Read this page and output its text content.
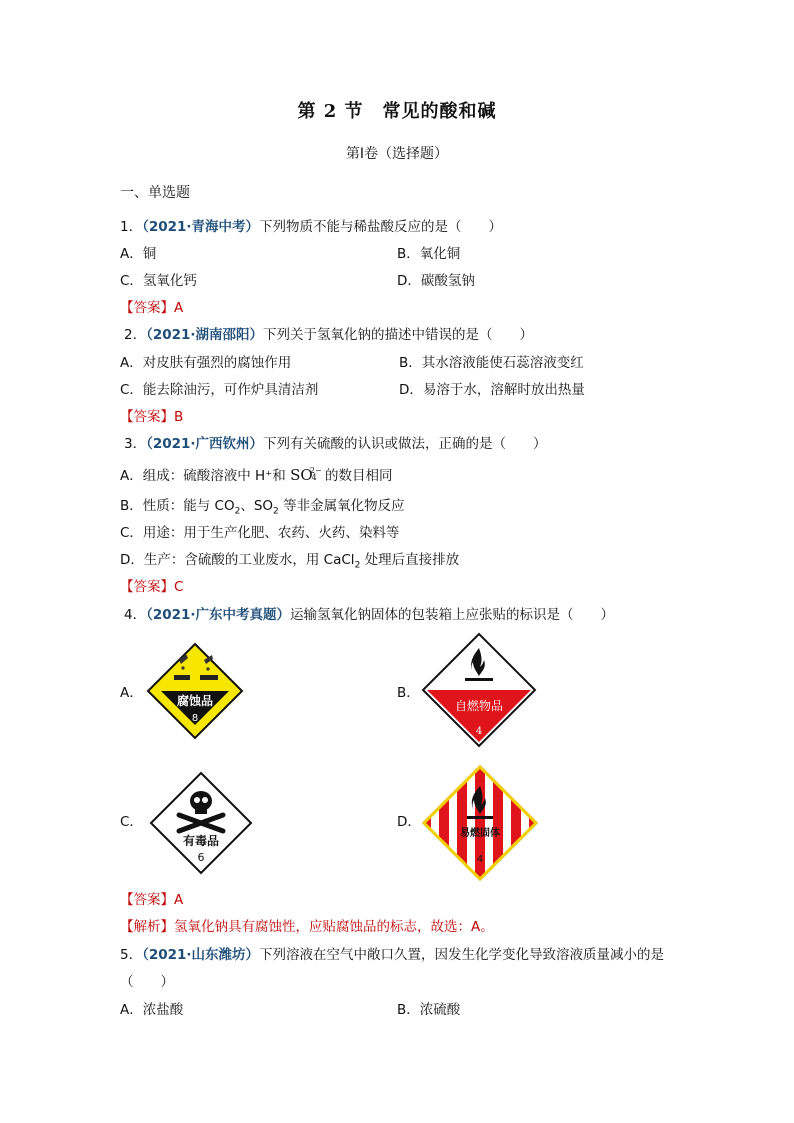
第 2 节　常见的酸和碱
第I卷（选择题）
一、单选题
1．（2021·青海中考）下列物质不能与稀盐酸反应的是（　　）
A．铜	B．氧化铜
C．氢氧化钙	D．碳酸氢钠
【答案】A
2．（2021·湖南邵阳）下列关于氢氧化钠的描述中错误的是（　　）
A．对皮肤有强烈的腐蚀作用	B．其水溶液能使石蕊溶液变红
C．能去除油污，可作炉具清洁剂	D．易溶于水，溶解时放出热量
【答案】B
3．（2021·广西钦州）下列有关硫酸的认识或做法，正确的是（　　）
A．组成：硫酸溶液中 H⁺和 SO
2−
4 的数目相同
B．性质：能与 $CO_2$、$SO_2$ 等非金属氧化物反应
C．用途：用于生产化肥、农药、火药、染料等
D．生产：含硫酸的工业废水，用 CaCl$_2$ 处理后直接排放
【答案】C
4．（2021·广东中考真题）运输氢氧化钠固体的包装箱上应张贴的标识是（　　）
A．	B．
C．	D．
腐蚀品
8
自燃物品
4
有毒品
6
易燃固体
4
【答案】A
【解析】氢氧化钠具有腐蚀性，应贴腐蚀品的标志，故选：A。
5．（2021·山东潍坊）下列溶液在空气中敞口久置，因发生化学变化导致溶液质量减小的是
（　　）
A．浓盐酸	B．浓硫酸
